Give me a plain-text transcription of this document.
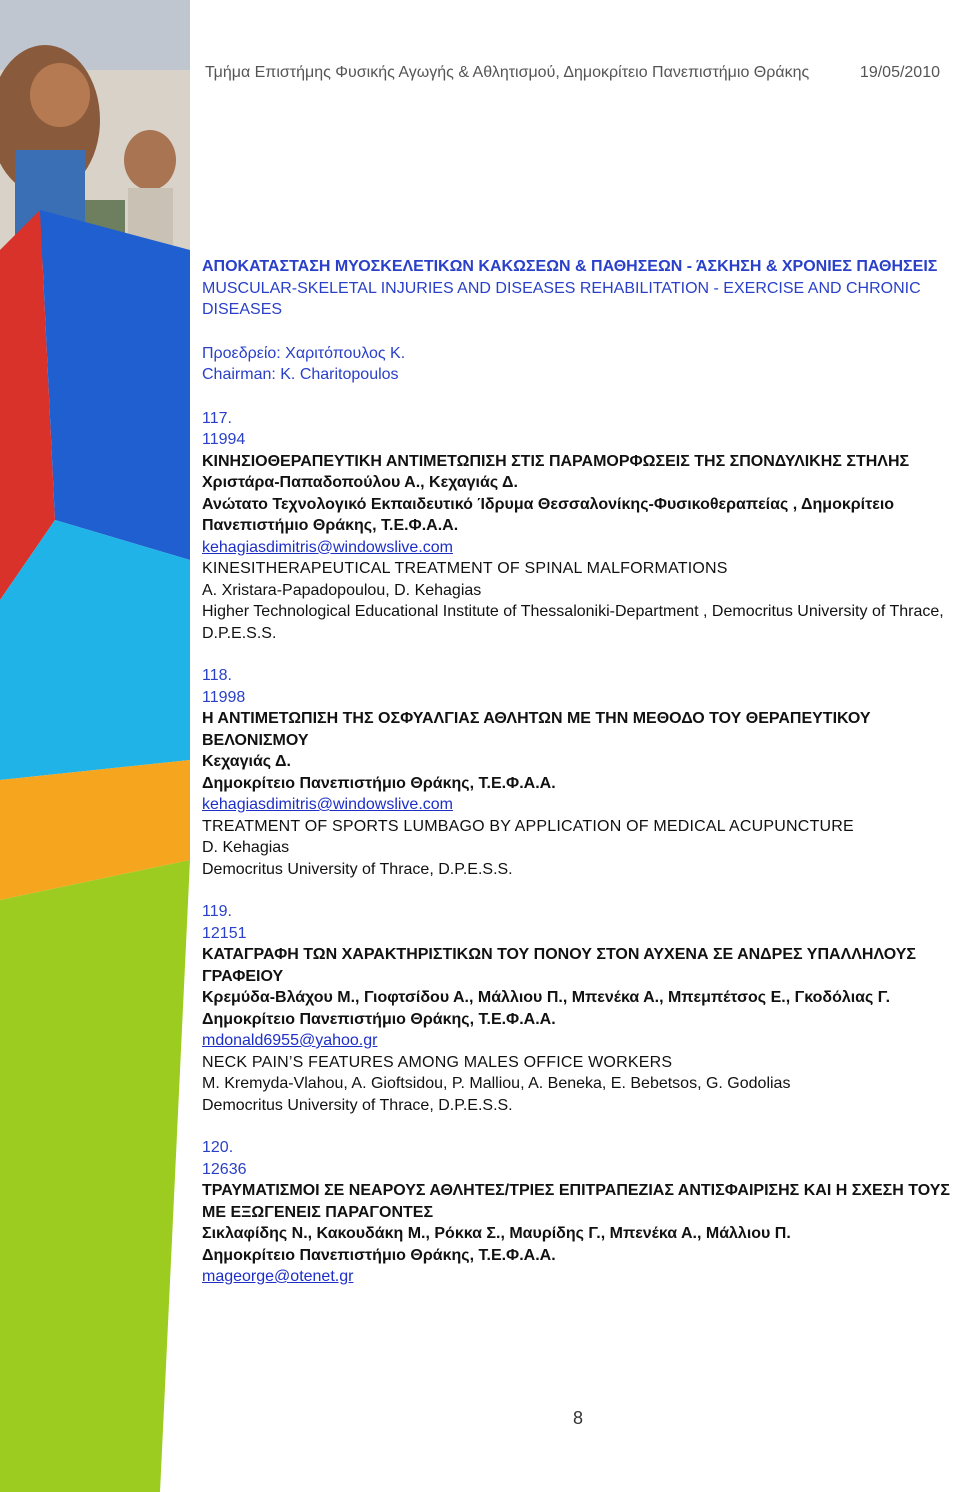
Τμήμα Επιστήμης Φυσικής Αγωγής & Αθλητισμού, Δημοκρίτειο Πανεπιστήμιο Θράκης	19/05/2010

ΑΠΟΚΑΤΑΣΤΑΣΗ ΜΥΟΣΚΕΛΕΤΙΚΩΝ ΚΑΚΩΣΕΩΝ & ΠΑΘΗΣΕΩΝ - ΆΣΚΗΣΗ & ΧΡΟΝΙΕΣ ΠΑΘΗΣΕΙΣ

MUSCULAR-SKELETAL INJURIES AND DISEASES REHABILITATION - EXERCISE AND CHRONIC DISEASES

Προεδρείο: Χαριτόπουλος Κ.

Chairman: K. Charitopoulos

117.

11994

ΚΙΝΗΣΙΟΘΕΡΑΠΕΥΤΙΚΗ ΑΝΤΙΜΕΤΩΠΙΣΗ ΣΤΙΣ ΠΑΡΑΜΟΡΦΩΣΕΙΣ ΤΗΣ ΣΠΟΝΔΥΛΙΚΗΣ ΣΤΗΛΗΣ

Χριστάρα-Παπαδοπούλου Α., Κεχαγιάς Δ.

Ανώτατο Τεχνολογικό Εκπαιδευτικό Ίδρυμα Θεσσαλονίκης-Φυσικοθεραπείας , Δημοκρίτειο Πανεπιστήμιο Θράκης, Τ.Ε.Φ.Α.Α.

kehagiasdimitris@windowslive.com

KINESITHERAPEUTICAL TREATMENT OF SPINAL MALFORMATIONS

A. Xristara-Papadopoulou, D. Kehagias

Higher Technological Educational Institute of Thessaloniki-Department , Democritus University of Thrace, D.P.E.S.S.

118.

11998

Η ΑΝΤΙΜΕΤΩΠΙΣΗ ΤΗΣ ΟΣΦΥΑΛΓΙΑΣ ΑΘΛΗΤΩΝ ΜΕ ΤΗΝ ΜΕΘΟΔΟ ΤΟΥ ΘΕΡΑΠΕΥΤΙΚΟΥ ΒΕΛΟΝΙΣΜΟΥ

Κεχαγιάς Δ.

Δημοκρίτειο Πανεπιστήμιο Θράκης, Τ.Ε.Φ.Α.Α.

kehagiasdimitris@windowslive.com

TREATMENT OF SPORTS LUMBAGO BY APPLICATION OF MEDICAL ACUPUNCTURE

D. Kehagias

Democritus University of Thrace, D.P.E.S.S.

119.

12151

ΚΑΤΑΓΡΑΦΗ ΤΩΝ ΧΑΡΑΚΤΗΡΙΣΤΙΚΩΝ ΤΟΥ ΠΟΝΟΥ ΣΤΟΝ ΑΥΧΕΝΑ ΣΕ ΑΝΔΡΕΣ ΥΠΑΛΛΗΛΟΥΣ ΓΡΑΦΕΙΟΥ

Κρεμύδα-Βλάχου Μ., Γιοφτσίδου Α., Μάλλιου Π., Μπενέκα Α., Μπεμπέτσος Ε., Γκοδόλιας Γ.

Δημοκρίτειο Πανεπιστήμιο Θράκης, Τ.Ε.Φ.Α.Α.

mdonald6955@yahoo.gr

NECK PAIN’S FEATURES AMONG MALES OFFICE WORKERS

M. Kremyda-Vlahou, A. Gioftsidou, P. Malliou, A. Beneka, E. Bebetsos, G. Godolias

Democritus University of Thrace, D.P.E.S.S.

120.

12636

ΤΡΑΥΜΑΤΙΣΜΟΙ ΣΕ ΝΕΑΡΟΥΣ ΑΘΛΗΤΕΣ/ΤΡΙΕΣ ΕΠΙΤΡΑΠΕΖΙΑΣ ΑΝΤΙΣΦΑΙΡΙΣΗΣ ΚΑΙ Η ΣΧΕΣΗ ΤΟΥΣ ΜΕ ΕΞΩΓΕΝΕΙΣ ΠΑΡΑΓΟΝΤΕΣ

Σικλαφίδης Ν., Κακουδάκη Μ., Ρόκκα Σ., Μαυρίδης Γ., Μπενέκα Α., Μάλλιου Π.

Δημοκρίτειο Πανεπιστήμιο Θράκης, Τ.Ε.Φ.Α.Α.

mageorge@otenet.gr

8
